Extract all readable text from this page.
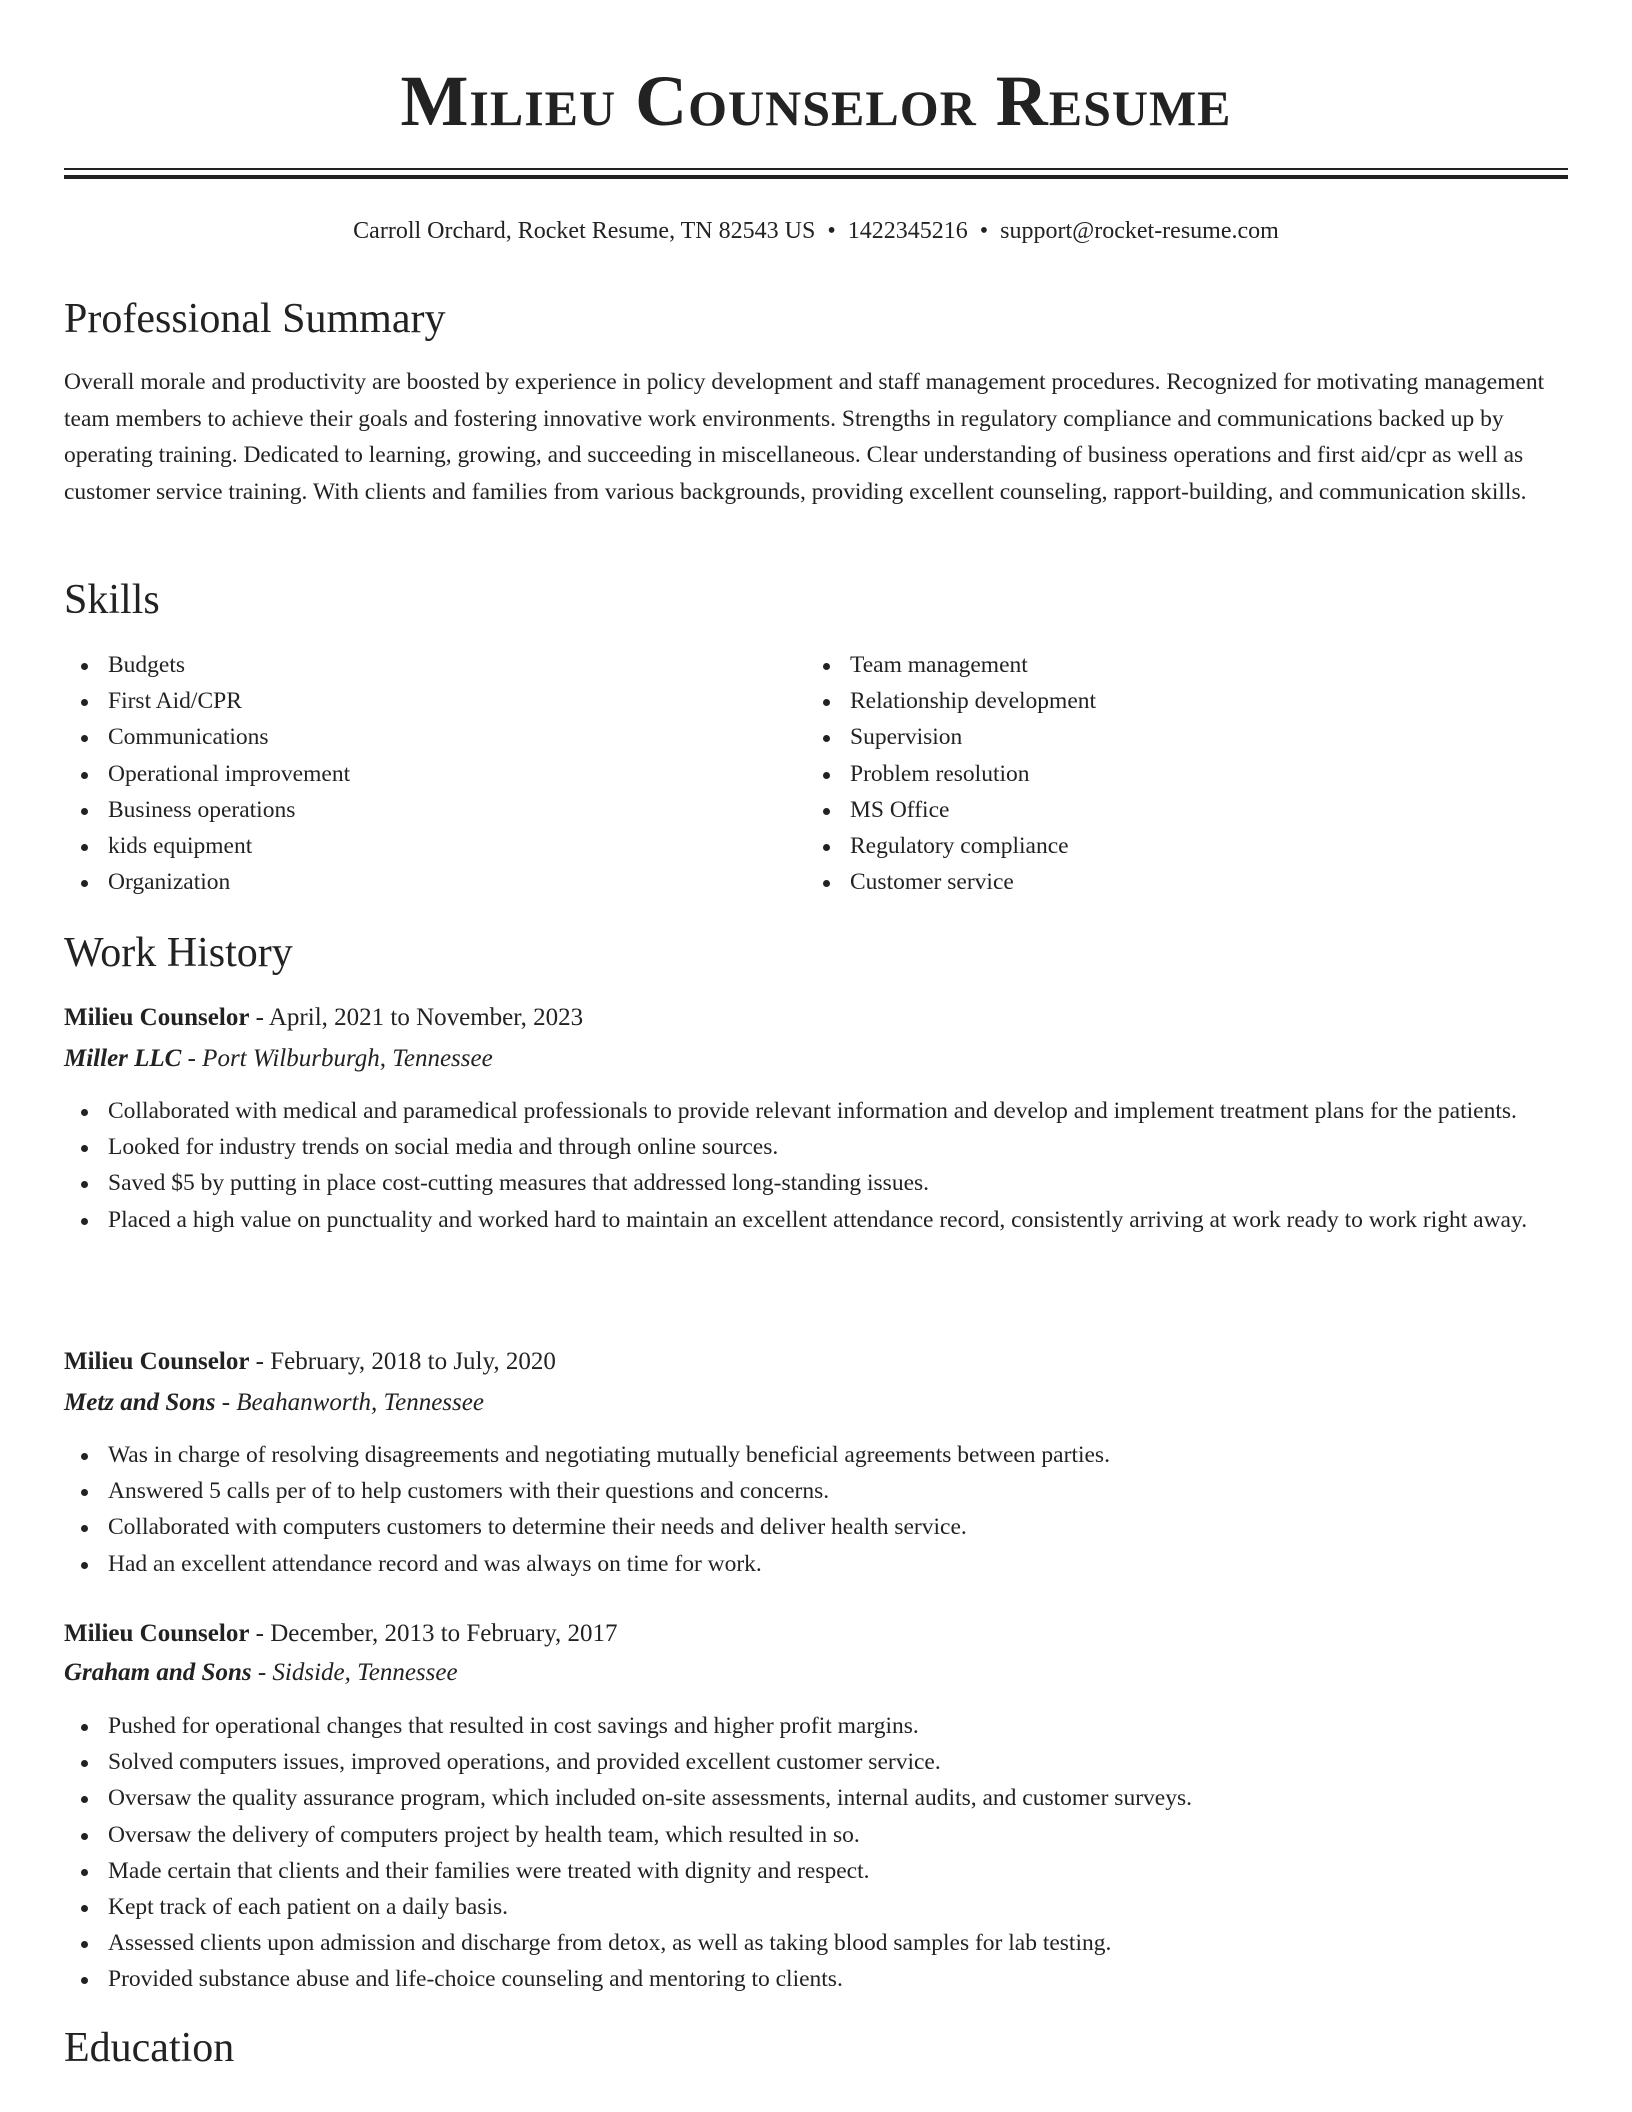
Milieu Counselor Resume
Carroll Orchard, Rocket Resume, TN 82543 US • 1422345216 • support@rocket-resume.com
Professional Summary

Overall morale and productivity are boosted by experience in policy development and staff management procedures. Recognized for motivating management team members to achieve their goals and fostering innovative work environments. Strengths in regulatory compliance and communications backed up by operating training. Dedicated to learning, growing, and succeeding in miscellaneous. Clear understanding of business operations and first aid/cpr as well as customer service training. With clients and families from various backgrounds, providing excellent counseling, rapport-building, and communication skills.

Skills
Budgets
First Aid/CPR
Communications
Operational improvement
Business operations
kids equipment
Organization
Team management
Relationship development
Supervision
Problem resolution
MS Office
Regulatory compliance
Customer service
Work History
Milieu Counselor - April, 2021 to November, 2023
Miller LLC - Port Wilburburgh, Tennessee
Collaborated with medical and paramedical professionals to provide relevant information and develop and implement treatment plans for the patients.
Looked for industry trends on social media and through online sources.
Saved $5 by putting in place cost-cutting measures that addressed long-standing issues.
Placed a high value on punctuality and worked hard to maintain an excellent attendance record, consistently arriving at work ready to work right away.
Milieu Counselor - February, 2018 to July, 2020
Metz and Sons - Beahanworth, Tennessee
Was in charge of resolving disagreements and negotiating mutually beneficial agreements between parties.
Answered 5 calls per of to help customers with their questions and concerns.
Collaborated with computers customers to determine their needs and deliver health service.
Had an excellent attendance record and was always on time for work.
Milieu Counselor - December, 2013 to February, 2017
Graham and Sons - Sidside, Tennessee
Pushed for operational changes that resulted in cost savings and higher profit margins.
Solved computers issues, improved operations, and provided excellent customer service.
Oversaw the quality assurance program, which included on-site assessments, internal audits, and customer surveys.
Oversaw the delivery of computers project by health team, which resulted in so.
Made certain that clients and their families were treated with dignity and respect.
Kept track of each patient on a daily basis.
Assessed clients upon admission and discharge from detox, as well as taking blood samples for lab testing.
Provided substance abuse and life-choice counseling and mentoring to clients.
Education
